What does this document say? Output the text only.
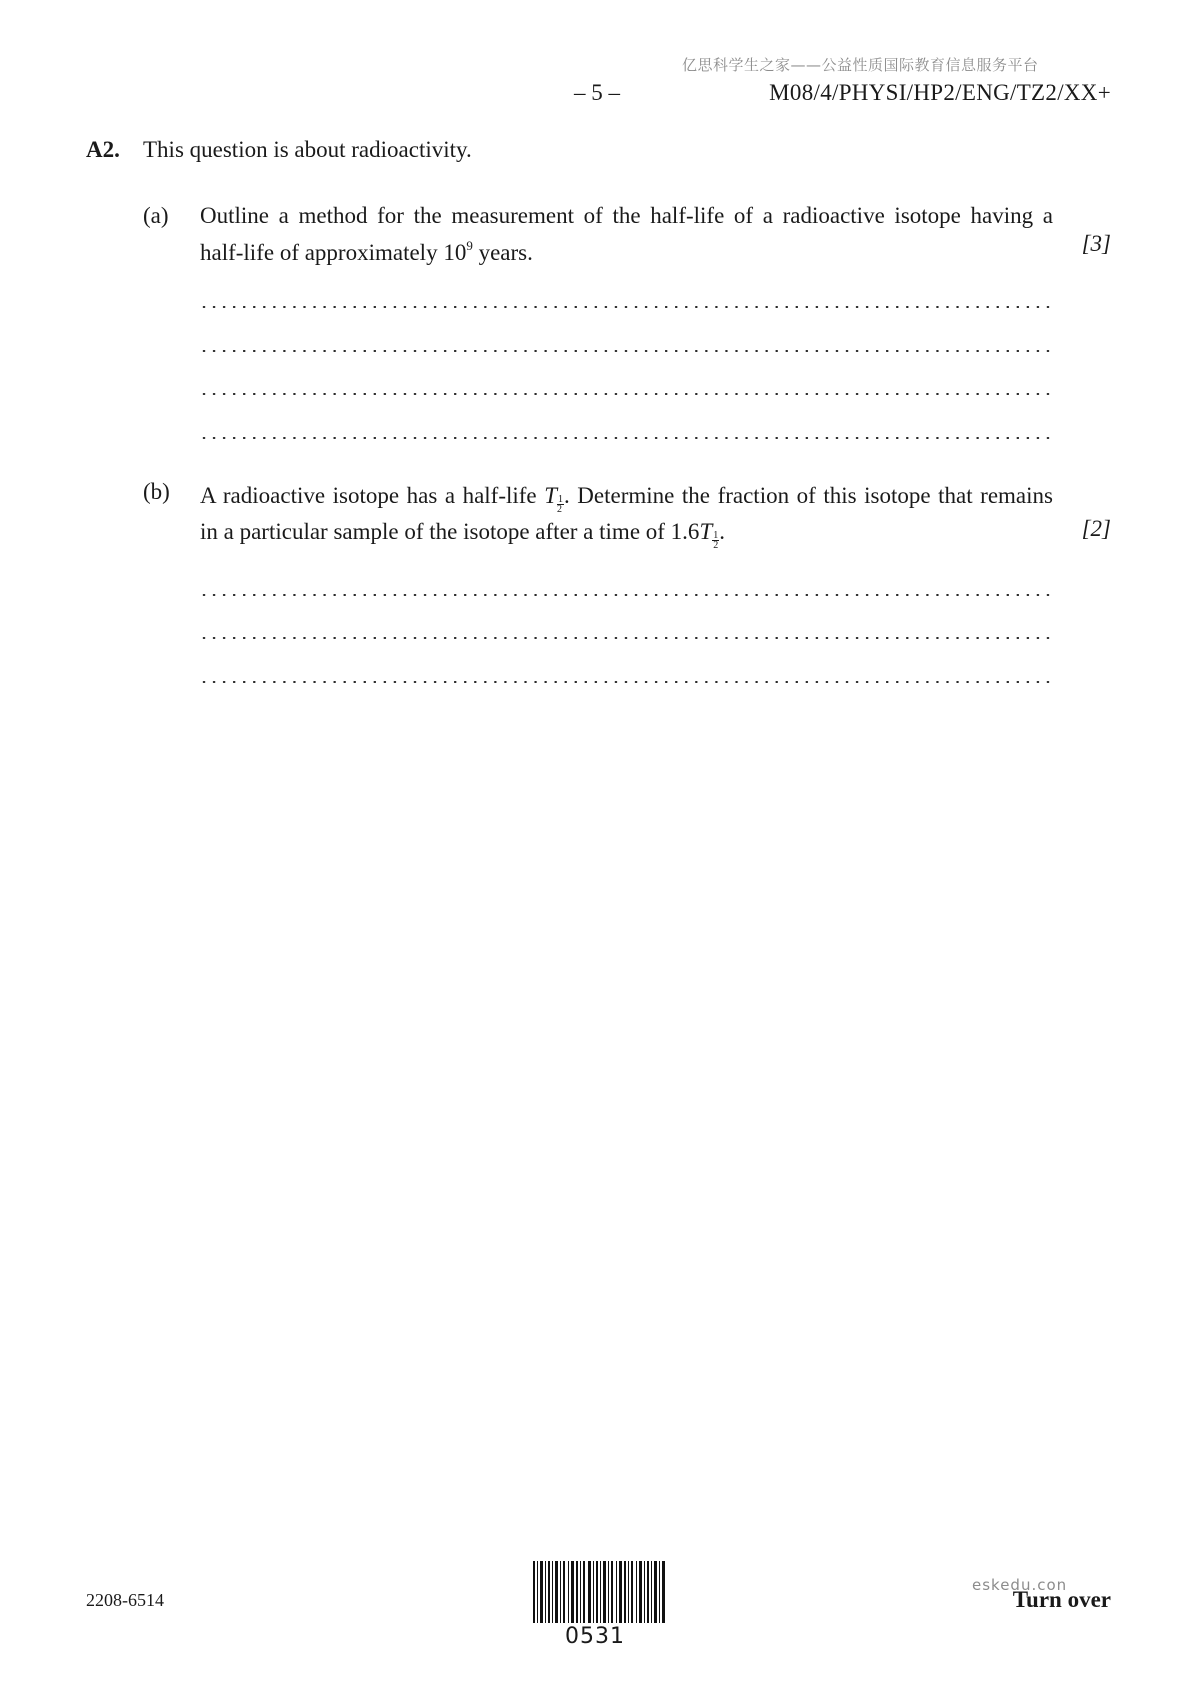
亿思科学生之家——公益性质国际教育信息服务平台
– 5 –	M08/4/PHYSI/HP2/ENG/TZ2/XX+
A2. This question is about radioactivity.
(a) Outline a method for the measurement of the half-life of a radioactive isotope having a
half-life of approximately $10^9$ years.	[3]
(b) A radioactive isotope has a half-life T $\frac{1}{2}$ . Determine the fraction of this isotope that remains
in a particular sample of the isotope after a time of $1.6T \frac{1}{2}$ .	[2]
2208-6514
0531
eskedu.con
Turn over
